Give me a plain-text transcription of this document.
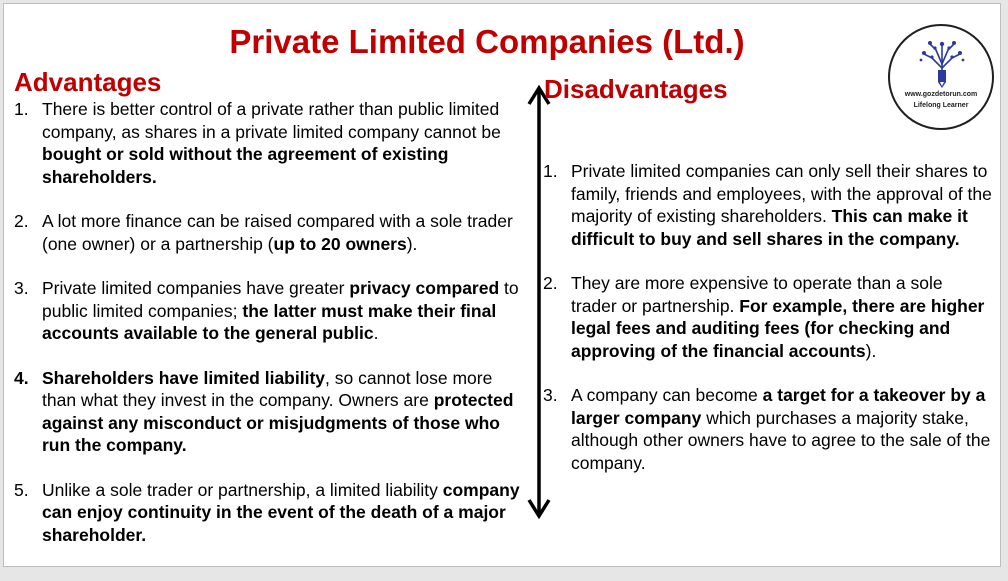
Private Limited Companies (Ltd.)
www.gozdetorun.com
Lifelong Learner
Advantages
1. There is better control of a private rather than public limited company, as shares in a private limited company cannot be bought or sold without the agreement of existing shareholders.
2. A lot more finance can be raised compared with a sole trader (one owner) or a partnership (up to 20 owners).
3. Private limited companies have greater privacy compared to public limited companies; the latter must make their final accounts available to the general public.
4. Shareholders have limited liability, so cannot lose more than what they invest in the company. Owners are protected against any misconduct or misjudgments of those who run the company.
5. Unlike a sole trader or partnership, a limited liability company can enjoy continuity in the event of the death of a major shareholder.
Disadvantages
1. Private limited companies can only sell their shares to family, friends and employees, with the approval of the majority of existing shareholders. This can make it difficult to buy and sell shares in the company.
2. They are more expensive to operate than a sole trader or partnership. For example, there are higher legal fees and auditing fees (for checking and approving of the financial accounts).
3. A company can become a target for a takeover by a larger company which purchases a majority stake, although other owners have to agree to the sale of the company.
